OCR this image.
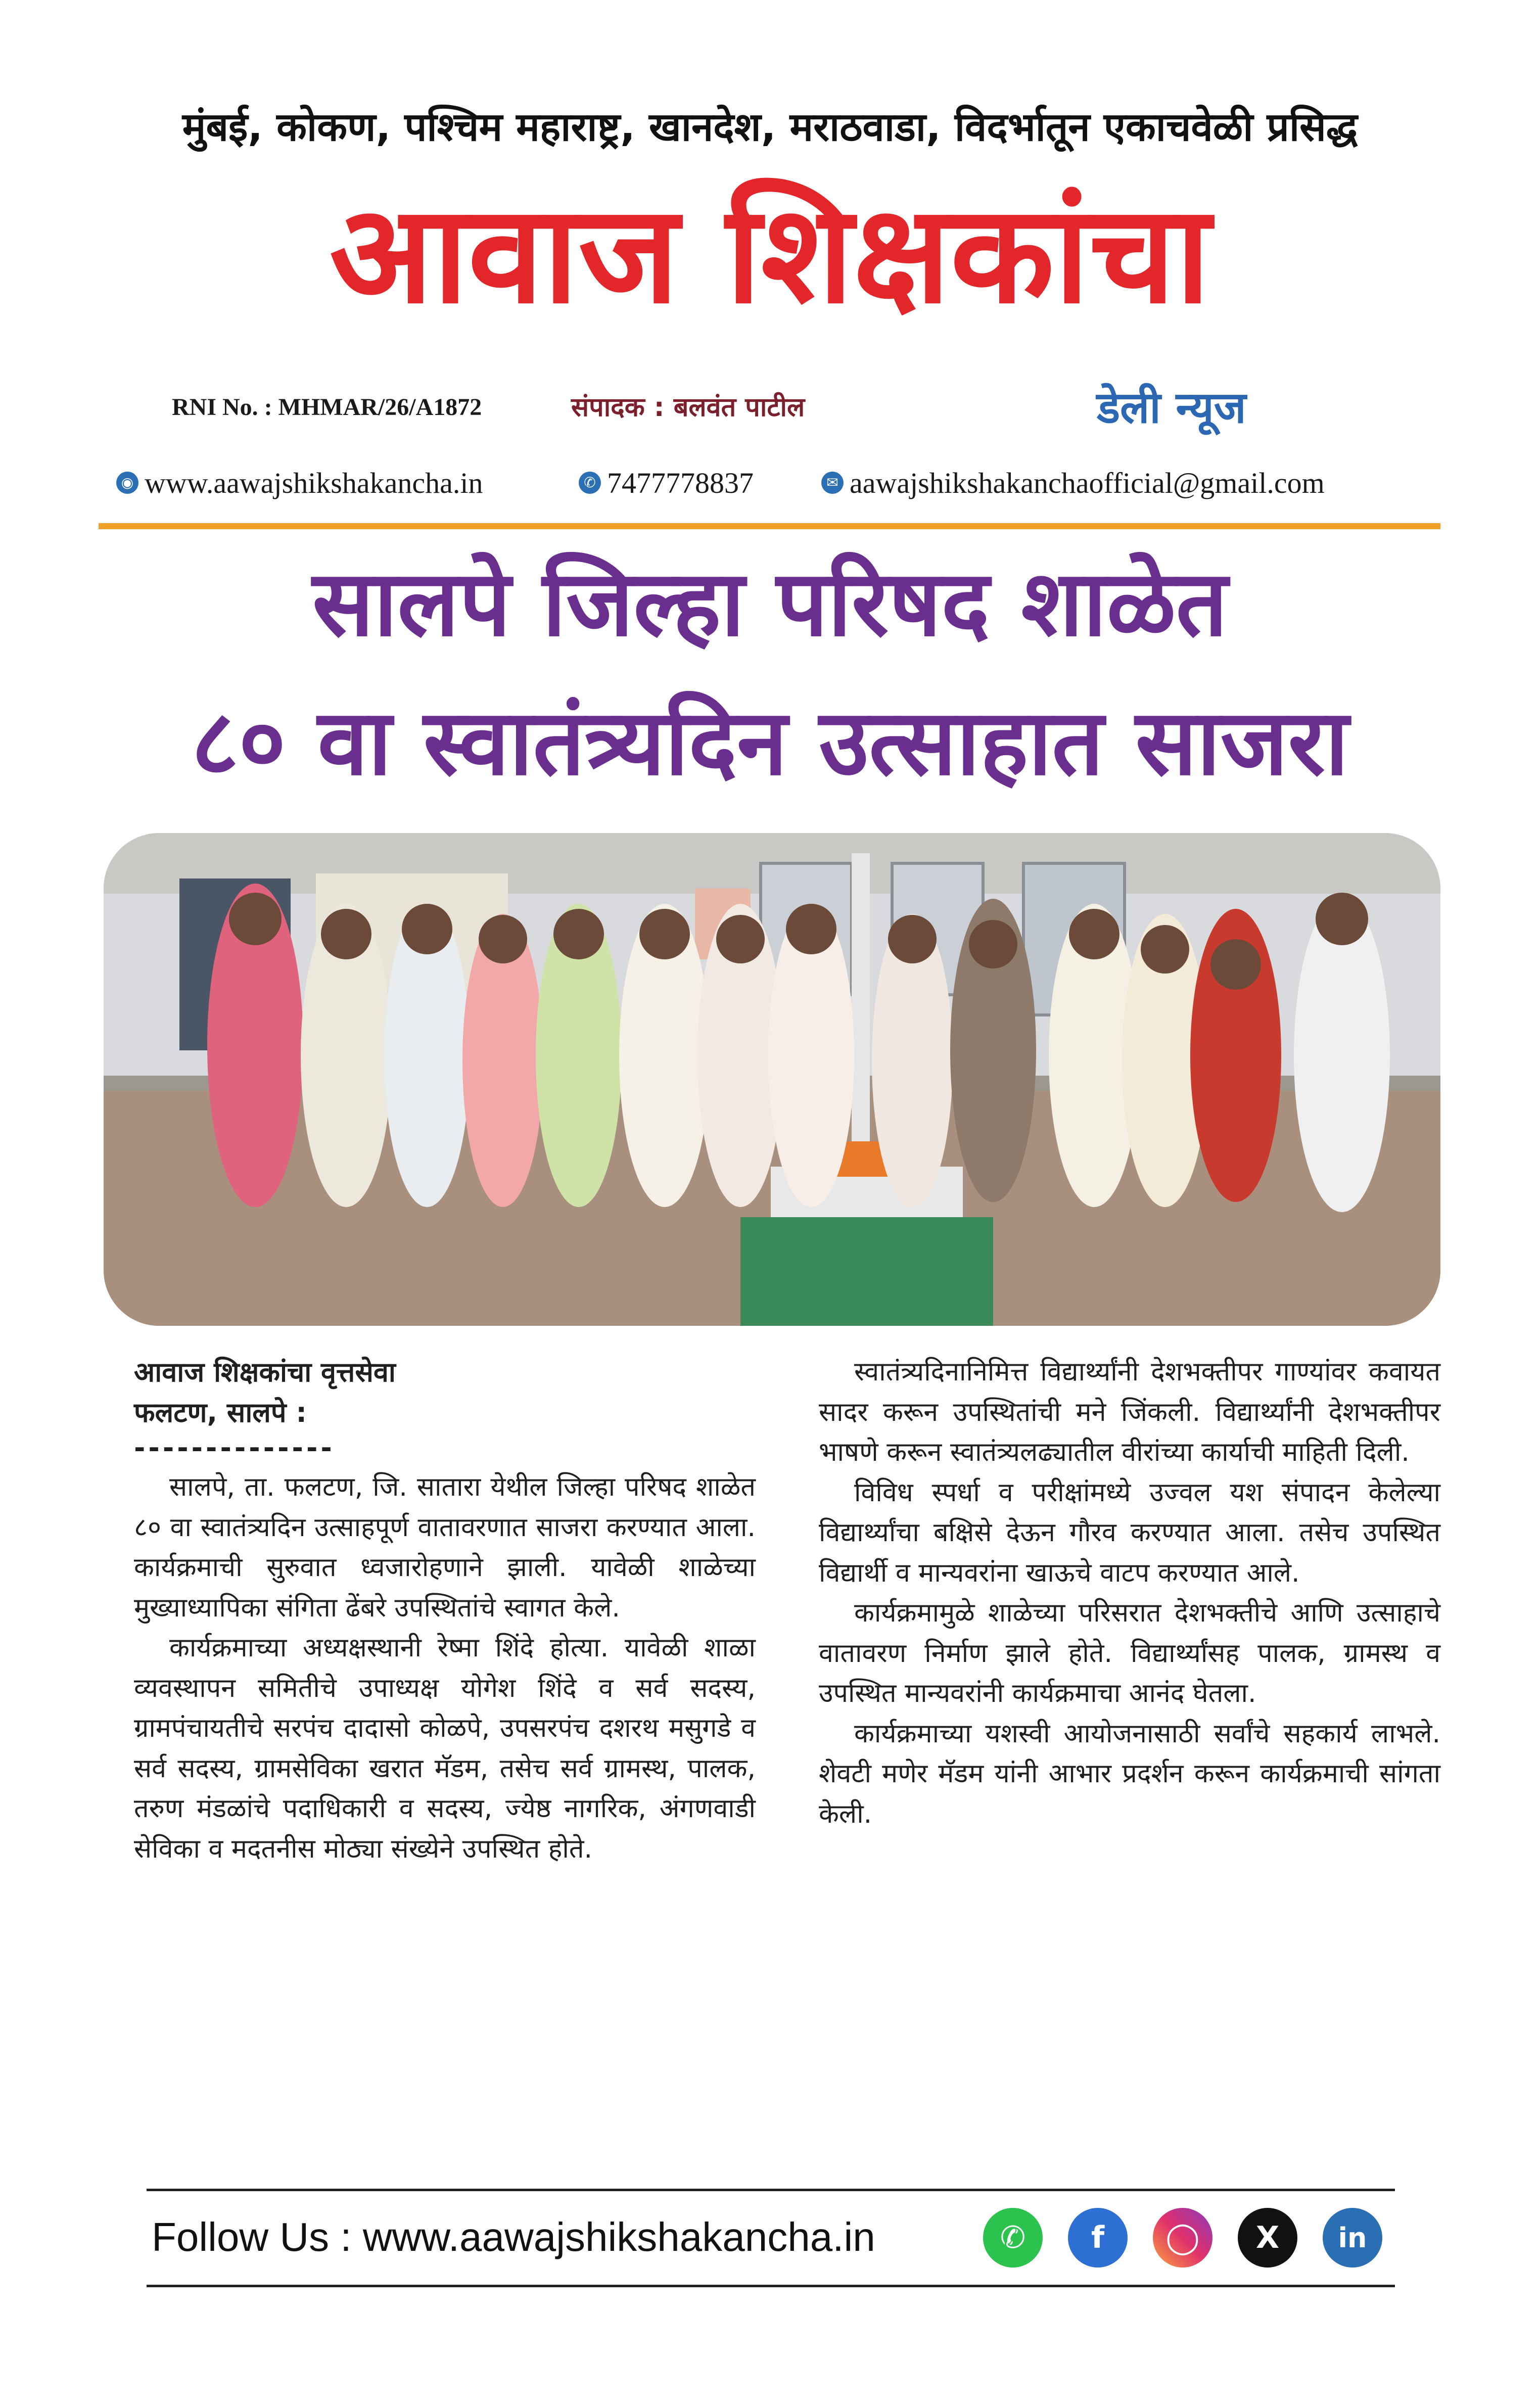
मुंबई, कोकण, पश्चिम महाराष्ट्र, खानदेश, मराठवाडा, विदर्भातून एकाचवेळी प्रसिद्ध
आवाज शिक्षकांचा
RNI No. : MHMAR/26/A1872	संपादक : बलवंत पाटील	डेली न्यूज
◉ www.aawajshikshakancha.in	✆ 7477778837	✉ aawajshikshakanchaofficial@gmail.com
सालपे जिल्हा परिषद शाळेत
८० वा स्वातंत्र्यदिन उत्साहात साजरा
आवाज शिक्षकांचा वृत्तसेवा
फलटण, सालपे :
--------------

सालपे, ता. फलटण, जि. सातारा येथील जिल्हा परिषद शाळेत ८० वा स्वातंत्र्यदिन उत्साहपूर्ण वातावरणात साजरा करण्यात आला. कार्यक्रमाची सुरुवात ध्वजारोहणाने झाली. यावेळी शाळेच्या मुख्याध्यापिका संगिता ढेंबरे उपस्थितांचे स्वागत केले.

कार्यक्रमाच्या अध्यक्षस्थानी रेष्मा शिंदे होत्या. यावेळी शाळा व्यवस्थापन समितीचे उपाध्यक्ष योगेश शिंदे व सर्व सदस्य, ग्रामपंचायतीचे सरपंच दादासो कोळपे, उपसरपंच दशरथ मसुगडे व सर्व सदस्य, ग्रामसेविका खरात मॅडम, तसेच सर्व ग्रामस्थ, पालक, तरुण मंडळांचे पदाधिकारी व सदस्य, ज्येष्ठ नागरिक, अंगणवाडी सेविका व मदतनीस मोठ्या संख्येने उपस्थित होते.

स्वातंत्र्यदिनानिमित्त विद्यार्थ्यांनी देशभक्तीपर गाण्यांवर कवायत सादर करून उपस्थितांची मने जिंकली. विद्यार्थ्यांनी देशभक्तीपर भाषणे करून स्वातंत्र्यलढ्यातील वीरांच्या कार्याची माहिती दिली.

विविध स्पर्धा व परीक्षांमध्ये उज्वल यश संपादन केलेल्या विद्यार्थ्यांचा बक्षिसे देऊन गौरव करण्यात आला. तसेच उपस्थित विद्यार्थी व मान्यवरांना खाऊचे वाटप करण्यात आले.

कार्यक्रमामुळे शाळेच्या परिसरात देशभक्तीचे आणि उत्साहाचे वातावरण निर्माण झाले होते. विद्यार्थ्यांसह पालक, ग्रामस्थ व उपस्थित मान्यवरांनी कार्यक्रमाचा आनंद घेतला.

कार्यक्रमाच्या यशस्वी आयोजनासाठी सर्वांचे सहकार्य लाभले. शेवटी मणेर मॅडम यांनी आभार प्रदर्शन करून कार्यक्रमाची सांगता केली.

Follow Us : www.aawajshikshakancha.in	✆	f	◯	X	in
